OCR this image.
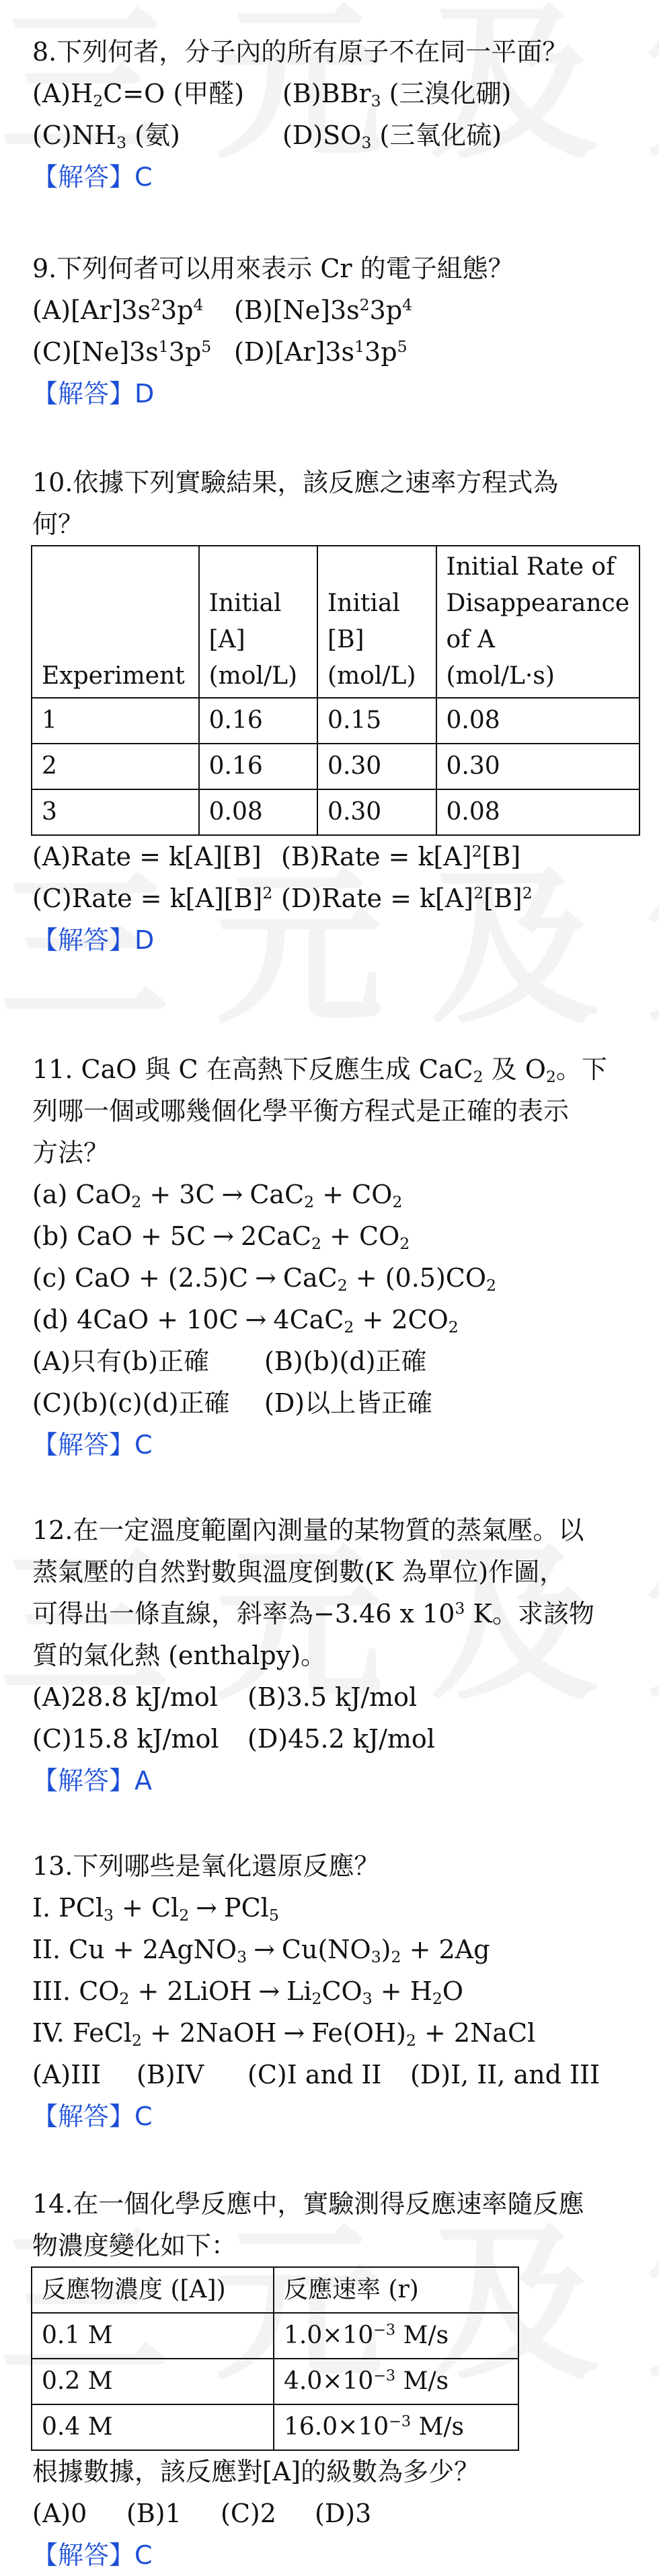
8.下列何者，分子內的所有原子不在同一平面？
$(A)H_2C=O$ (甲醛) (B)BBr$_3$ (三溴化硼)
$(C)NH_3$ (氨)	$(D)SO_3$ (三氧化硫)
【解答】C
9.下列何者可以用來表示 Cr 的電子組態？
$(A)[Ar]3s^23p^4$ $(B)[Ne]3s^23p^4$
$(C)[Ne]3s^13p^5$ $(D)[Ar]3s^13p^5$
【解答】D
10.依據下列實驗結果，該反應之速率方程式為
何？

Experiment	Initial
[A]
(mol/L)	Initial
[B]
(mol/L)	Initial Rate of
Disappearance
of A
(mol/L·s)
1	0.16	0.15	0.08
2	0.16	0.30	0.30
3	0.08	0.30	0.08
(A)Rate = k[A][B] (B)Rate = $k[A]^2[B]$
(C)Rate = $k[A][B]^2$ (D)Rate = $k[A]^2[B]^2$
【解答】D
11. CaO 與 C 在高熱下反應生成 CaC$_2$ 及 $O_2$。下
列哪一個或哪幾個化學平衡方程式是正確的表示
方法？
(a) $CaO_2 + 3C \to CaC_2 + CO_2$
(b) CaO + $5C \to 2CaC_2 + CO_2$
(c) CaO + $(2.5)C \to CaC_2 + (0.5)CO_2$
(d) $4CaO + 10C \to 4CaC_2 + 2CO_2$
(A)只有(b)正確 (B)(b)(d)正確
(C)(b)(c)(d)正確 (D)以上皆正確
【解答】C
12.在一定溫度範圍內測量的某物質的蒸氣壓。以
蒸氣壓的自然對數與溫度倒數(K 為單位)作圖，
可得出一條直線，斜率為−3.46 x $10^3$ K。求該物
質的氣化熱 (enthalpy)。
(A)28.8 kJ/mol (B)3.5 kJ/mol
(C)15.8 kJ/mol (D)45.2 kJ/mol
【解答】A
13.下列哪些是氧化還原反應？
I. $PCl_3 + Cl_2 \to PCl_5$
II. Cu + 2AgNO$_3$ → $Cu(NO_3)_2 + 2Ag$
III. $CO_2$ + 2LiOH → $Li_2CO_3 + H_2O$
IV. FeCl$_2$ + 2NaOH → $Fe(OH)_2$ + 2NaCl
(A)III (B)IV (C)I and II (D)I, II, and III
【解答】C
14.在一個化學反應中，實驗測得反應速率隨反應
物濃度變化如下：
反應物濃度 ([A])	反應速率 (r)
0.1 M	$1.0\times 10^{-3}$ M/s
0.2 M	$4.0\times 10^{-3}$ M/s
0.4 M	$16.0\times 10^{-3}$ M/s
根據數據，該反應對[A]的級數為多少？
(A)0 (B)1 (C)2 (D)3
【解答】C
